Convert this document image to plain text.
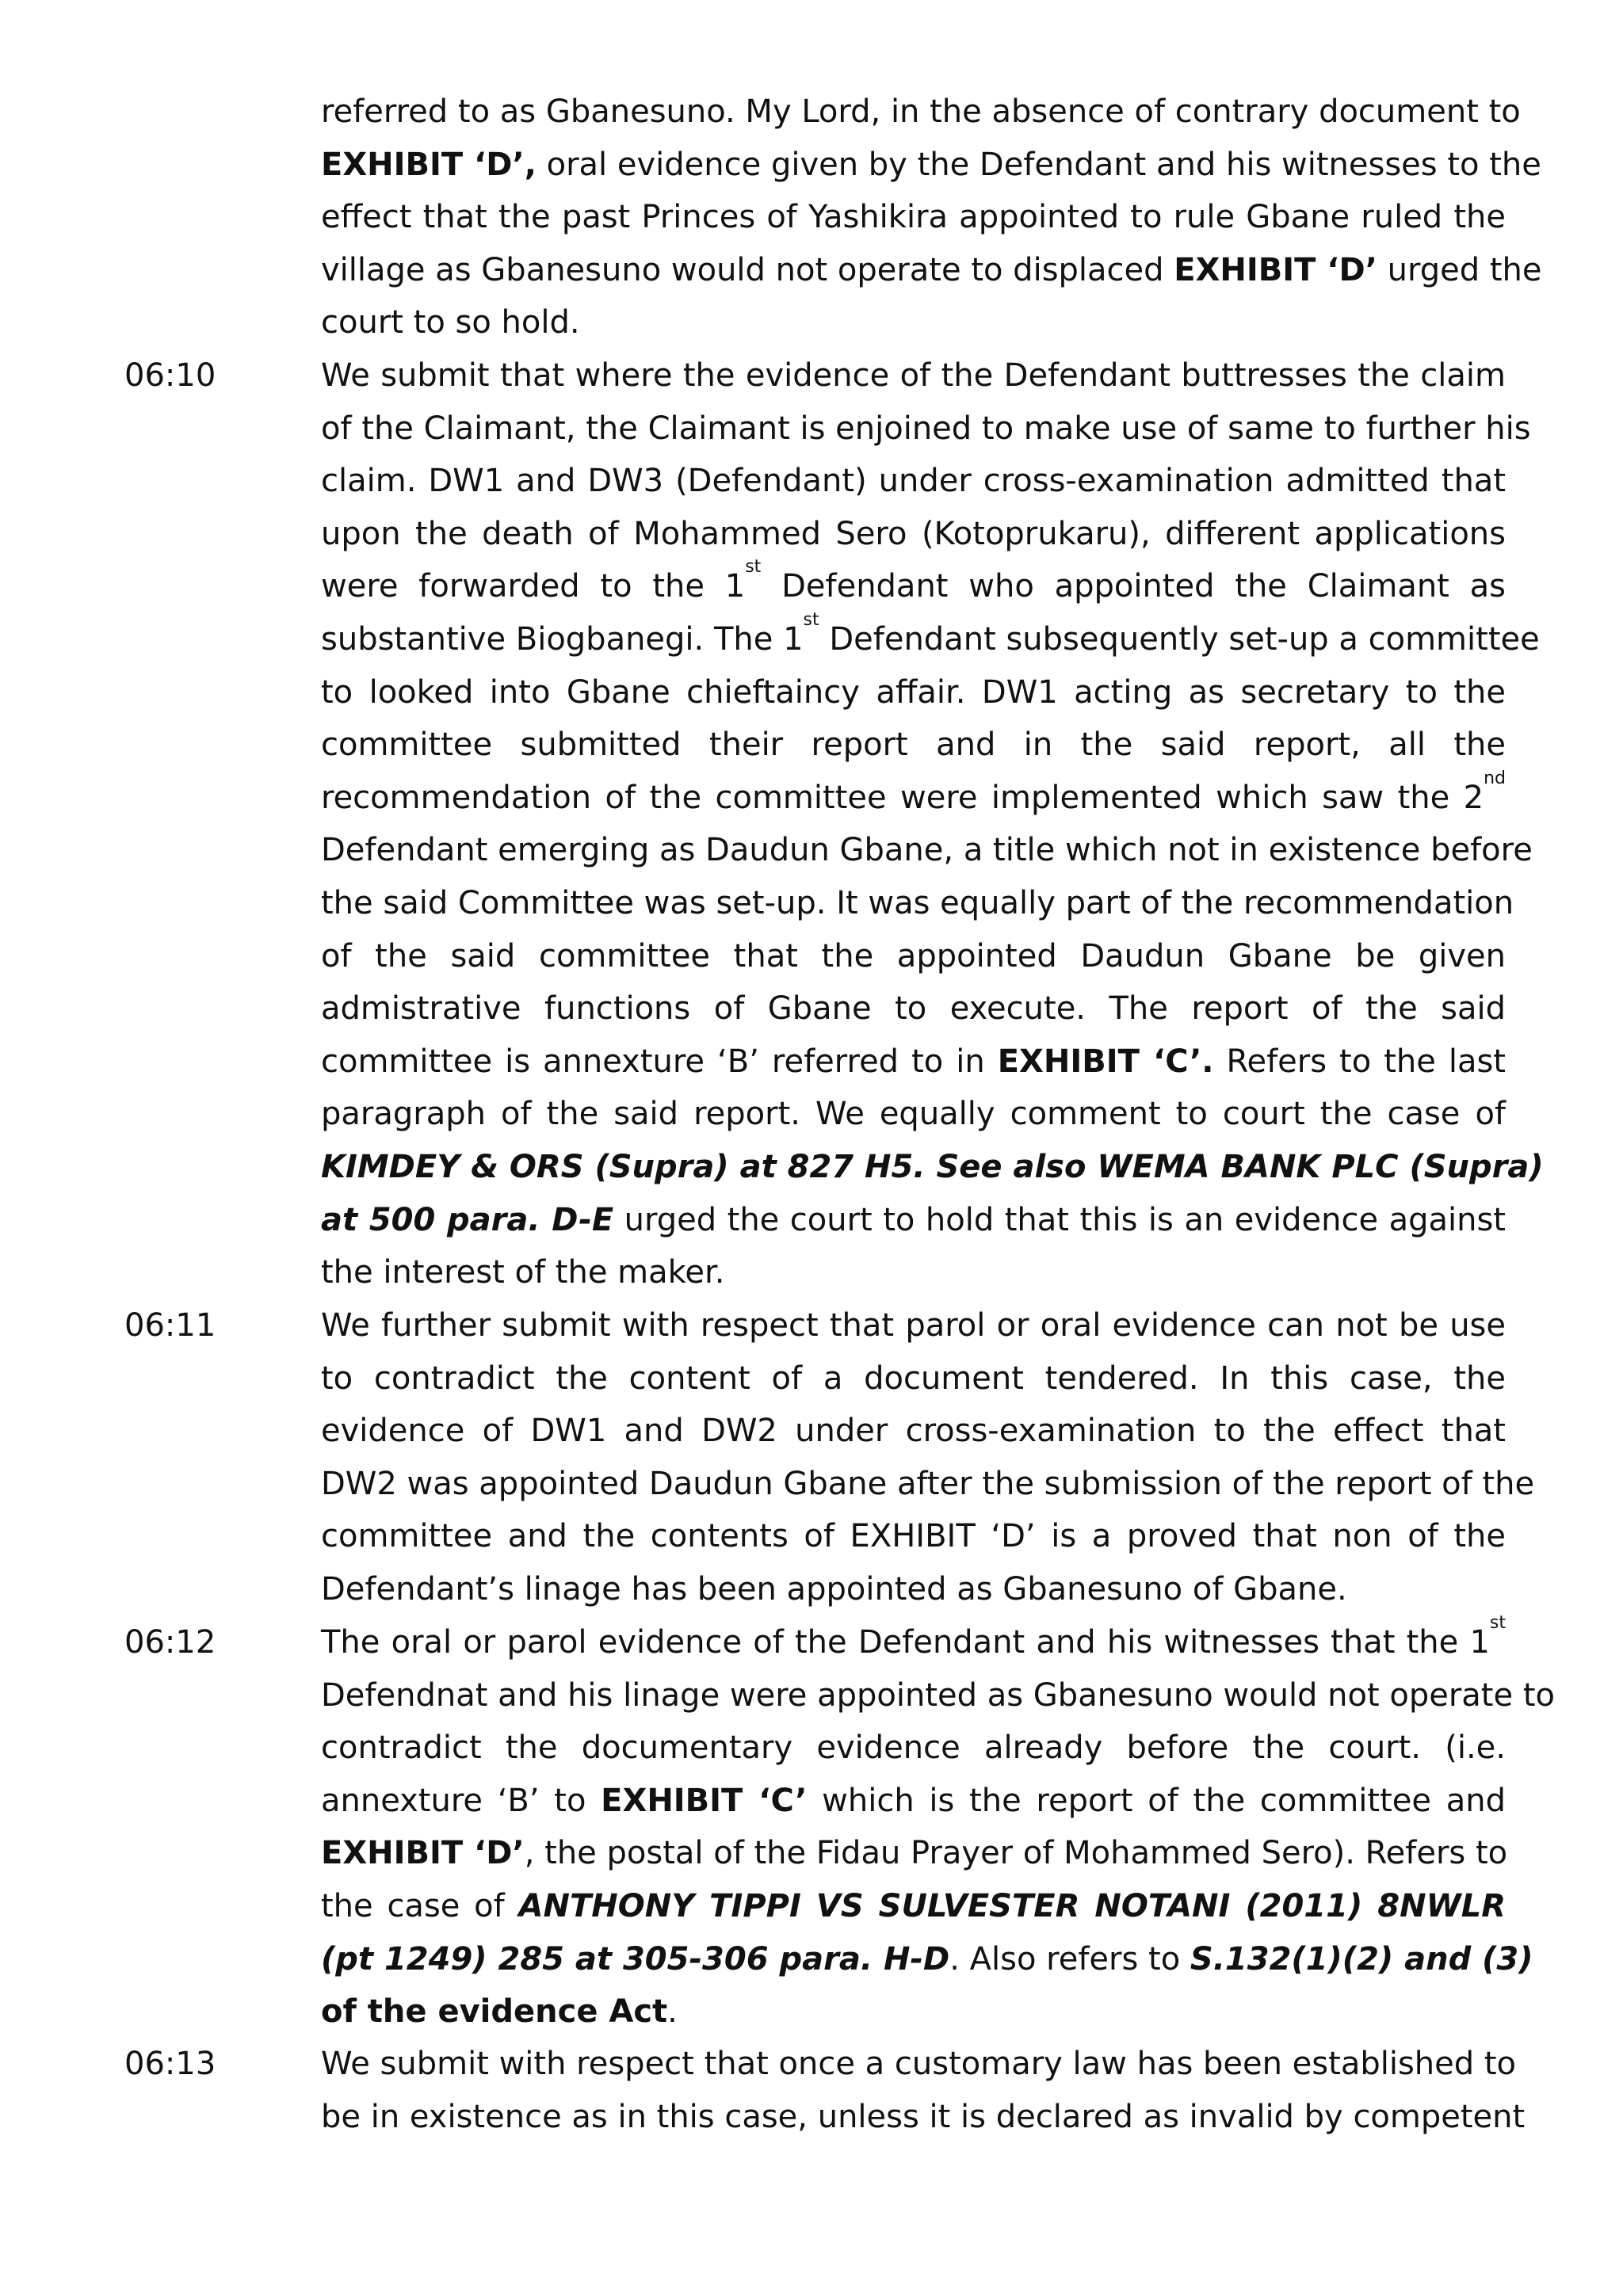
referred to as Gbanesuno. My Lord, in the absence of contrary document to
EXHIBIT ‘D’, oral evidence given by the Defendant and his witnesses to the
effect that the past Princes of Yashikira appointed to rule Gbane ruled the
village as Gbanesuno would not operate to displaced EXHIBIT ‘D’ urged the
court to so hold.
06:10	We submit that where the evidence of the Defendant buttresses the claim
of the Claimant, the Claimant is enjoined to make use of same to further his
claim. DW1 and DW3 (Defendant) under cross-examination admitted that
upon the death of Mohammed Sero (Kotoprukaru), different applications
were forwarded to the 1st Defendant who appointed the Claimant as
substantive Biogbanegi. The 1st Defendant subsequently set-up a committee
to looked into Gbane chieftaincy affair. DW1 acting as secretary to the
committee submitted their report and in the said report, all the
recommendation of the committee were implemented which saw the 2nd
Defendant emerging as Daudun Gbane, a title which not in existence before
the said Committee was set-up. It was equally part of the recommendation
of the said committee that the appointed Daudun Gbane be given
admistrative functions of Gbane to execute. The report of the said
committee is annexture ‘B’ referred to in EXHIBIT ‘C’. Refers to the last
paragraph of the said report. We equally comment to court the case of
KIMDEY & ORS (Supra) at 827 H5. See also WEMA BANK PLC (Supra)
at 500 para. D-E urged the court to hold that this is an evidence against
the interest of the maker.
06:11	We further submit with respect that parol or oral evidence can not be use
to contradict the content of a document tendered. In this case, the
evidence of DW1 and DW2 under cross-examination to the effect that
DW2 was appointed Daudun Gbane after the submission of the report of the
committee and the contents of EXHIBIT ‘D’ is a proved that non of the
Defendant’s linage has been appointed as Gbanesuno of Gbane.
06:12	The oral or parol evidence of the Defendant and his witnesses that the 1st
Defendnat and his linage were appointed as Gbanesuno would not operate to
contradict the documentary evidence already before the court. (i.e.
annexture ‘B’ to EXHIBIT ‘C’ which is the report of the committee and
EXHIBIT ‘D’, the postal of the Fidau Prayer of Mohammed Sero). Refers to
the case of ANTHONY TIPPI VS SULVESTER NOTANI (2011) 8NWLR
(pt 1249) 285 at 305-306 para. H-D. Also refers to S.132(1)(2) and (3)
of the evidence Act.
06:13	We submit with respect that once a customary law has been established to
be in existence as in this case, unless it is declared as invalid by competent
